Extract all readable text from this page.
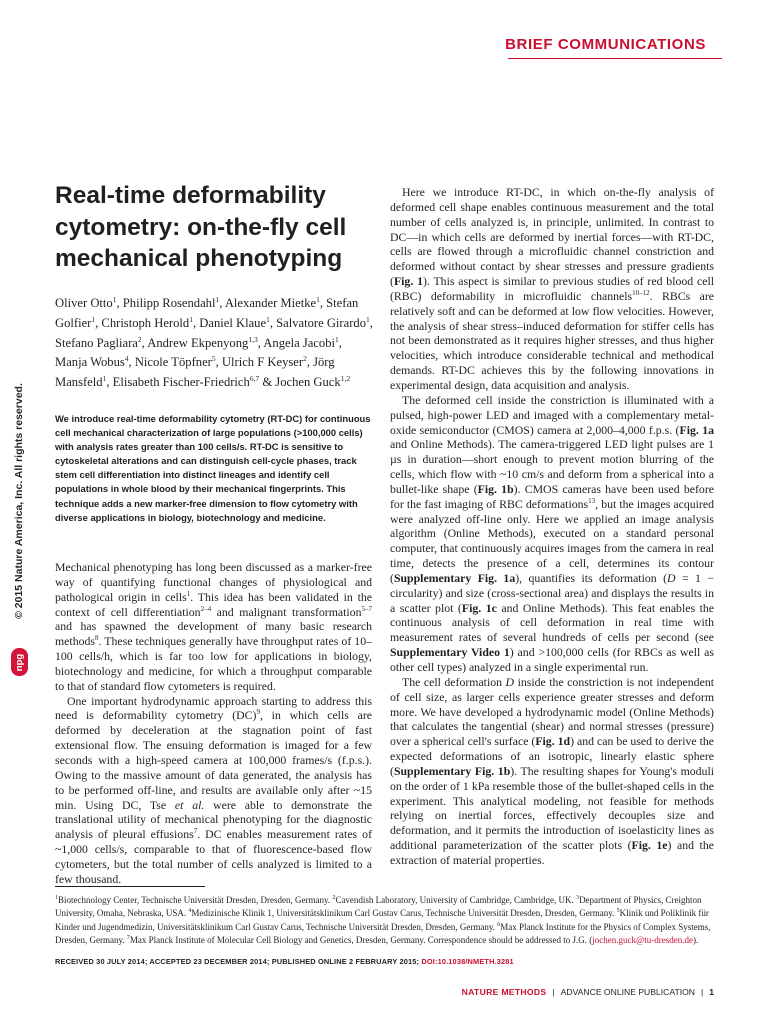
BRIEF COMMUNICATIONS
© 2015 Nature America, Inc. All rights reserved.
npg
Real-time deformability cytometry: on-the-fly cell mechanical phenotyping
Oliver Otto$^1$, Philipp Rosendahl$^1$, Alexander Mietke$^1$, Stefan Golfier$^1$, Christoph Herold$^1$, Daniel Klaue$^1$, Salvatore Girardo$^1$, Stefano Pagliara$^2$, Andrew Ekpenyong$^{1,3}$, Angela Jacobi$^1$, Manja Wobus$^4$, Nicole Töpfner$^5$, Ulrich F Keyser$^2$, Jörg Mansfeld$^1$, Elisabeth Fischer-Friedrich$^{6,7}$ & Jochen Guck$^{1,2}$
We introduce real-time deformability cytometry (RT-DC) for continuous cell mechanical characterization of large populations (>100,000 cells) with analysis rates greater than 100 cells/s. RT-DC is sensitive to cytoskeletal alterations and can distinguish cell-cycle phases, track stem cell differentiation into distinct lineages and identify cell populations in whole blood by their mechanical fingerprints. This technique adds a new marker-free dimension to flow cytometry with diverse applications in biology, biotechnology and medicine.

Mechanical phenotyping has long been discussed as a marker-free way of quantifying functional changes of physiological and pathological origin in cells$^1$. This idea has been validated in the context of cell differentiation$^{2-4}$ and malignant transformation$^{5-7}$ and has spawned the development of many basic research methods$^8$. These techniques generally have throughput rates of 10–100 cells/h, which is far too low for applications in biology, biotechnology and medicine, for which a throughput comparable to that of standard flow cytometers is required.

One important hydrodynamic approach starting to address this need is deformability cytometry (DC)$^9$, in which cells are deformed by deceleration at the stagnation point of fast extensional flow. The ensuing deformation is imaged for a few seconds with a high-speed camera at 100,000 frames/s (f.p.s.). Owing to the massive amount of data generated, the analysis has to be performed off-line, and results are available only after ~15 min. Using DC, Tse et al. were able to demonstrate the translational utility of mechanical phenotyping for the diagnostic analysis of pleural effusions$^7$. DC enables measurement rates of ~1,000 cells/s, comparable to that of fluorescence-based flow cytometers, but the total number of cells analyzed is limited to a few thousand.

Here we introduce RT-DC, in which on-the-fly analysis of deformed cell shape enables continuous measurement and the total number of cells analyzed is, in principle, unlimited. In contrast to DC—in which cells are deformed by inertial forces—with RT-DC, cells are flowed through a microfluidic channel constriction and deformed without contact by shear stresses and pressure gradients (Fig. 1). This aspect is similar to previous studies of red blood cell (RBC) deformability in microfluidic channels$^{10-12}$. RBCs are relatively soft and can be deformed at low flow velocities. However, the analysis of shear stress–induced deformation for stiffer cells has not been demonstrated as it requires higher stresses, and thus higher velocities, which introduce considerable technical and methodical demands. RT-DC achieves this by the following innovations in experimental design, data acquisition and analysis.

The deformed cell inside the constriction is illuminated with a pulsed, high-power LED and imaged with a complementary metal-oxide semiconductor (CMOS) camera at 2,000–4,000 f.p.s. (Fig. 1a and Online Methods). The camera-triggered LED light pulses are 1 µs in duration—short enough to prevent motion blurring of the cells, which flow with ~10 cm/s and deform from a spherical into a bullet-like shape (Fig. 1b). CMOS cameras have been used before for the fast imaging of RBC deformations$^{13}$, but the images acquired were analyzed off-line only. Here we applied an image analysis algorithm (Online Methods), executed on a standard personal computer, that continuously acquires images from the camera in real time, detects the presence of a cell, determines its contour (Supplementary Fig. 1a), quantifies its deformation (D = 1 − circularity) and size (cross-sectional area) and displays the results in a scatter plot (Fig. 1c and Online Methods). This feat enables the continuous analysis of cell deformation in real time with measurement rates of several hundreds of cells per second (see Supplementary Video 1) and >100,000 cells (for RBCs as well as other cell types) analyzed in a single experimental run.

The cell deformation D inside the constriction is not independent of cell size, as larger cells experience greater stresses and deform more. We have developed a hydrodynamic model (Online Methods) that calculates the tangential (shear) and normal stresses (pressure) over a spherical cell's surface (Fig. 1d) and can be used to derive the expected deformations of an isotropic, linearly elastic sphere (Supplementary Fig. 1b). The resulting shapes for Young's moduli on the order of 1 kPa resemble those of the bullet-shaped cells in the experiment. This analytical modeling, not feasible for methods relying on inertial forces, effectively decouples size and deformation, and it permits the introduction of isoelasticity lines as additional parameterization of the scatter plots (Fig. 1e) and the extraction of material properties.

$^1$Biotechnology Center, Technische Universität Dresden, Dresden, Germany. $^2$Cavendish Laboratory, University of Cambridge, Cambridge, UK. $^3$Department of Physics, Creighton University, Omaha, Nebraska, USA. $^4$Medizinische Klinik 1, Universitätsklinikum Carl Gustav Carus, Technische Universität Dresden, Dresden, Germany. $^5$Klinik und Poliklinik für Kinder und Jugendmedizin, Universitätsklinikum Carl Gustav Carus, Technische Universität Dresden, Dresden, Germany. $^6$Max Planck Institute for the Physics of Complex Systems, Dresden, Germany. $^7$Max Planck Institute of Molecular Cell Biology and Genetics, Dresden, Germany. Correspondence should be addressed to J.G. (jochen.guck@tu-dresden.de).
RECEIVED 30 JULY 2014; ACCEPTED 23 DECEMBER 2014; PUBLISHED ONLINE 2 FEBRUARY 2015; DOI:10.1038/NMETH.3281
NATURE METHODS | ADVANCE ONLINE PUBLICATION | 1
